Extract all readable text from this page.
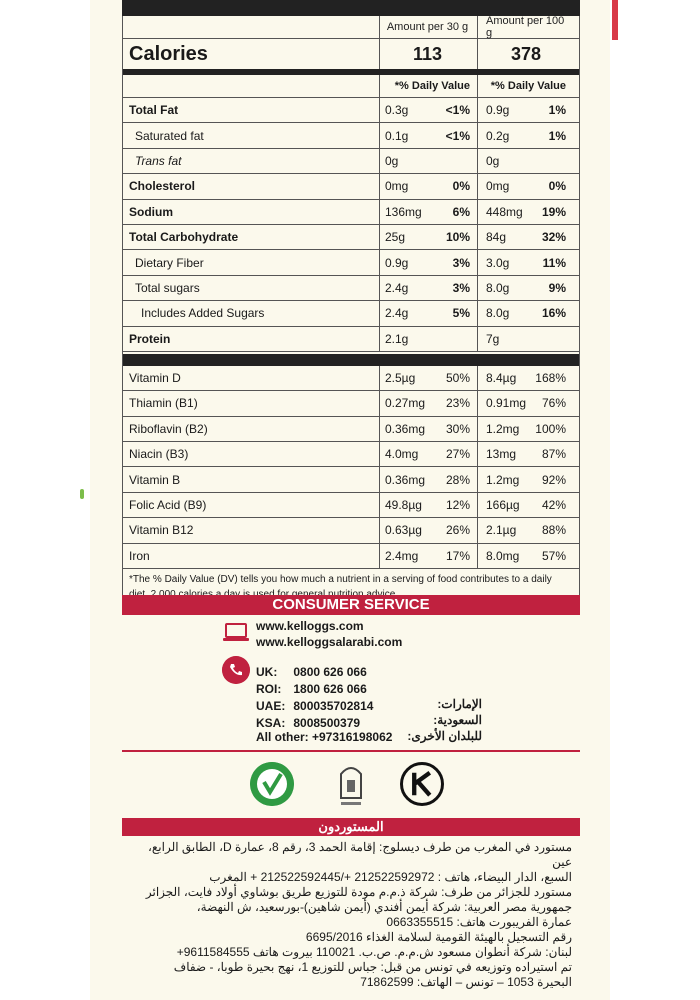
Amount per 30 g	Amount per 100 g
Calories	113	378
*% Daily Value	*% Daily Value
Total Fat	0.3g	<1% 0.9g	1%
Saturated fat	0.1g	<1% 0.2g	1%
Trans fat	0g	0g
Cholesterol	0mg	0% 0mg	0%
Sodium	136mg	6% 448mg 19%
Total Carbohydrate	25g	10% 84g	32%
Dietary Fiber	0.9g	3% 3.0g	11%
Total sugars	2.4g	3% 8.0g	9%
Includes Added Sugars	2.4g	5% 8.0g	16%
Protein	2.1g	7g
Vitamin D	2.5µg	50% 8.4µg 168%
Thiamin (B1)	0.27mg 23% 0.91mg 76%
Riboflavin (B2)	0.36mg 30% 1.2mg 100%
Niacin (B3)	4.0mg 27% 13mg 87%
Vitamin B	0.36mg 28% 1.2mg 92%
Folic Acid (B9)	49.8µg 12% 166µg 42%
Vitamin B12	0.63µg 26% 2.1µg 88%
Iron	2.4mg 17% 8.0mg 57%
*The % Daily Value (DV) tells you how much a nutrient in a serving of food contributes to a daily
CONSUMER SERVICE
www.kelloggs.com
www.kelloggsalarabi.com
UK: 0800 626 066
ROI: 1800 626 066
UAE: 800035702814
KSA: 8008500379
الإمارات:
السعودية:
للبلدان الأخرى:
All other: +97316198062
المستوردون

مستورد في المغرب من طرف ديسلوج: إقامة الحمد 3، رقم 8، عمارة D، الطابق الرابع، عين

السبع، الدار البيضاء، هاتف : 212522592972 +/212522592445 + المغرب

مستورد للجزائر من طرف: شركة ذ.م.م مودة للتوزيع طريق بوشاوي أولاد فايت، الجزائر

جمهورية مصر العربية: شركة أيمن أفندي (أيمن شاهين)-بورسعيد، ش النهضة،

عمارة الفريبورت هاتف: 0663355515

رقم التسجيل بالهيئة القومية لسلامة الغذاء 6695/2016

لبنان: شركة أنطوان مسعود ش.م.م. ص.ب. 110021 بيروت هاتف 9611584555+

تم استيراده وتوزيعه في تونس من قبل: جباس للتوزيع 1، نهج بحيرة طوبا، - ضفاف

البحيرة 1053 – تونس – الهاتف: 71862599
